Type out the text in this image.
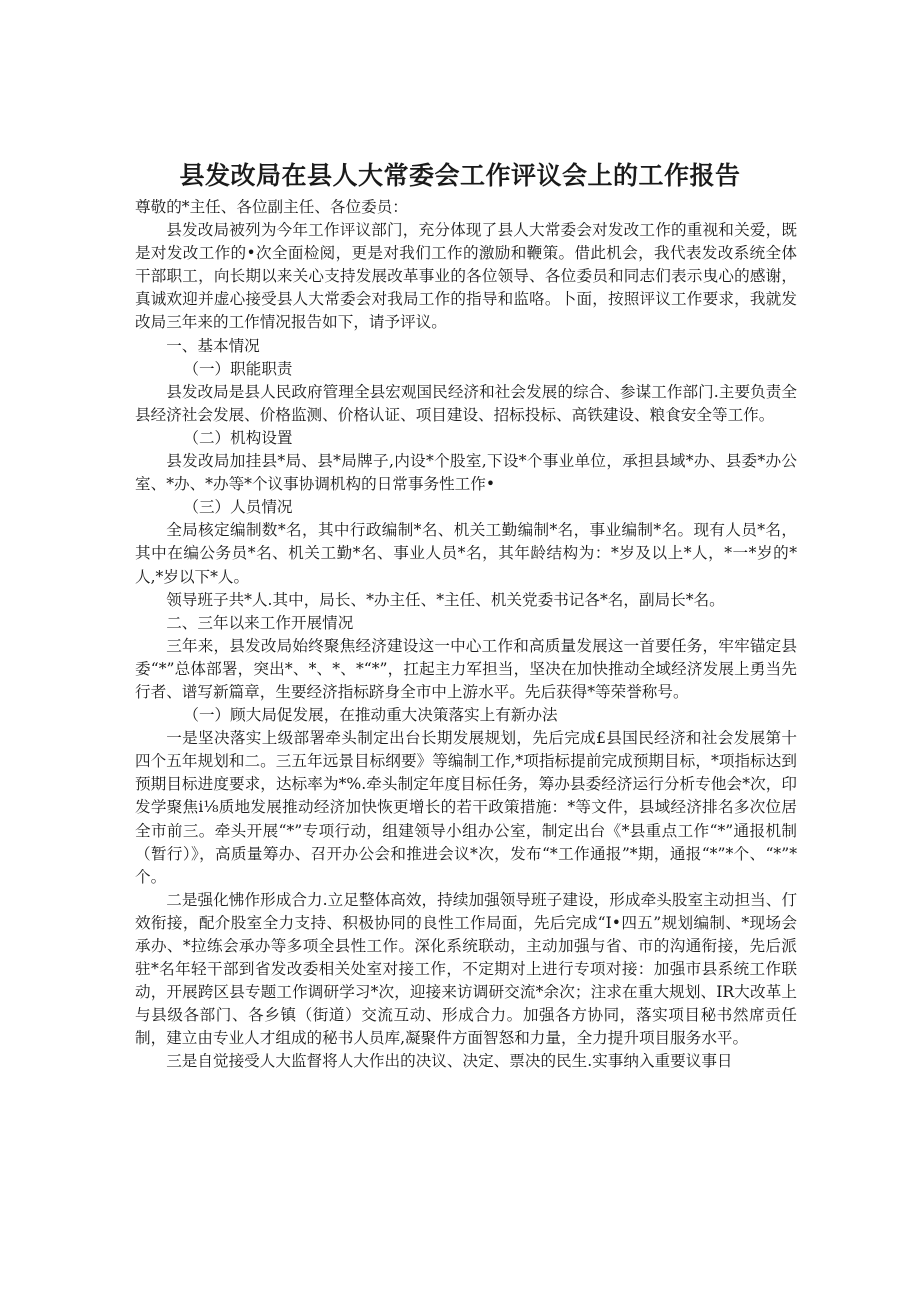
县发改局在县人大常委会工作评议会上的工作报告

尊敬的*主任、各位副主任、各位委员：

县发改局被列为今年工作评议部门，充分体现了县人大常委会对发改工作的重视和关爱，既是对发改工作的•次全面检阅，更是对我们工作的激励和鞭策。借此机会，我代表发改系统全体干部职工，向长期以来关心支持发展改革事业的各位领导、各位委员和同志们表示曳心的感谢，真诚欢迎并虚心接受县人大常委会对我局工作的指导和监咯。卜面，按照评议工作要求，我就发改局三年来的工作情况报告如下，请予评议。

一、基本情况

（一）职能职责

县发改局是县人民政府管理全县宏观国民经济和社会发展的综合、参谋工作部门.主要负责全县经济社会发展、价格监测、价格认证、项目建设、招标投标、高铁建设、粮食安全等工作。

（二）机构设置

县发改局加挂县*局、县*局牌子,内设*个股室,下设*个事业单位，承担县域*办、县委*办公室、*办、*办等*个议事协调机构的日常事务性工作•

（三）人员情况

全局核定编制数*名，其中行政编制*名、机关工勤编制*名，事业编制*名。现有人员*名，其中在编公务员*名、机关工勤*名、事业人员*名，其年龄结构为：*岁及以上*人，*一*岁的*人,*岁以下*人。

领导班子共*人.其中，局长、*办主任、*主任、机关党委书记各*名，副局长*名。

二、三年以来工作开展情况

三年来，县发改局始终聚焦经济建设这一中心工作和高质量发展这一首要任务，牢牢锚定县委“*”总体部署，突出*、*、*、*“*”，扛起主力军担当，坚决在加快推动全域经济发展上勇当先行者、谱写新篇章，生要经济指标跻身全市中上游水平。先后获得*等荣誉称号。

（一）顾大局促发展，在推动重大决策落实上有新办法

一是坚决落实上级部署牵头制定出台长期发展规划，先后完成£县国民经济和社会发展第十四个五年规划和二。三五年远景目标纲要》等编制工作,*项指标提前完成预期目标，*项指标达到预期目标进度要求，达标率为*%.牵头制定年度目标任务，筹办县委经济运行分析专他会*次，印发学聚焦i⅛质地发展推动经济加快恢更增长的若干政策措施：*等文件，县域经济排名多次位居全市前三。牵头开展“*”专项行动，组建领导小组办公室，制定出台《*县重点工作“*”通报机制（暂行）》，高质量筹办、召开办公会和推进会议*次，发布“*工作通报”*期，通报“*”*个、“*”*个。

二是强化怫作形成合力.立足整体高效，持续加强领导班子建设，形成牵头股室主动担当、仃效衔接，配介股室全力支持、积极协同的良性工作局面，先后完成“I•四五”规划编制、*现场会承办、*拉练会承办等多项全县性工作。深化系统联动，主动加强与省、市的沟通衔接，先后派驻*名年轻干部到省发改委相关处室对接工作，不定期对上进行专项对接：加强市县系统工作联动，开展跨区县专题工作调研学习*次，迎接来访调研交流*余次；注求在重大规划、IR大改革上与县级各部门、各乡镇（街道）交流互动、形成合力。加强各方协同，落实项目秘书然席贡任制，建立由专业人才组成的秘书人员库,凝聚件方面智怒和力量，全力提升项目服务水平。

三是自觉接受人大监督将人大作出的决议、决定、票决的民生.实事纳入重要议事日
